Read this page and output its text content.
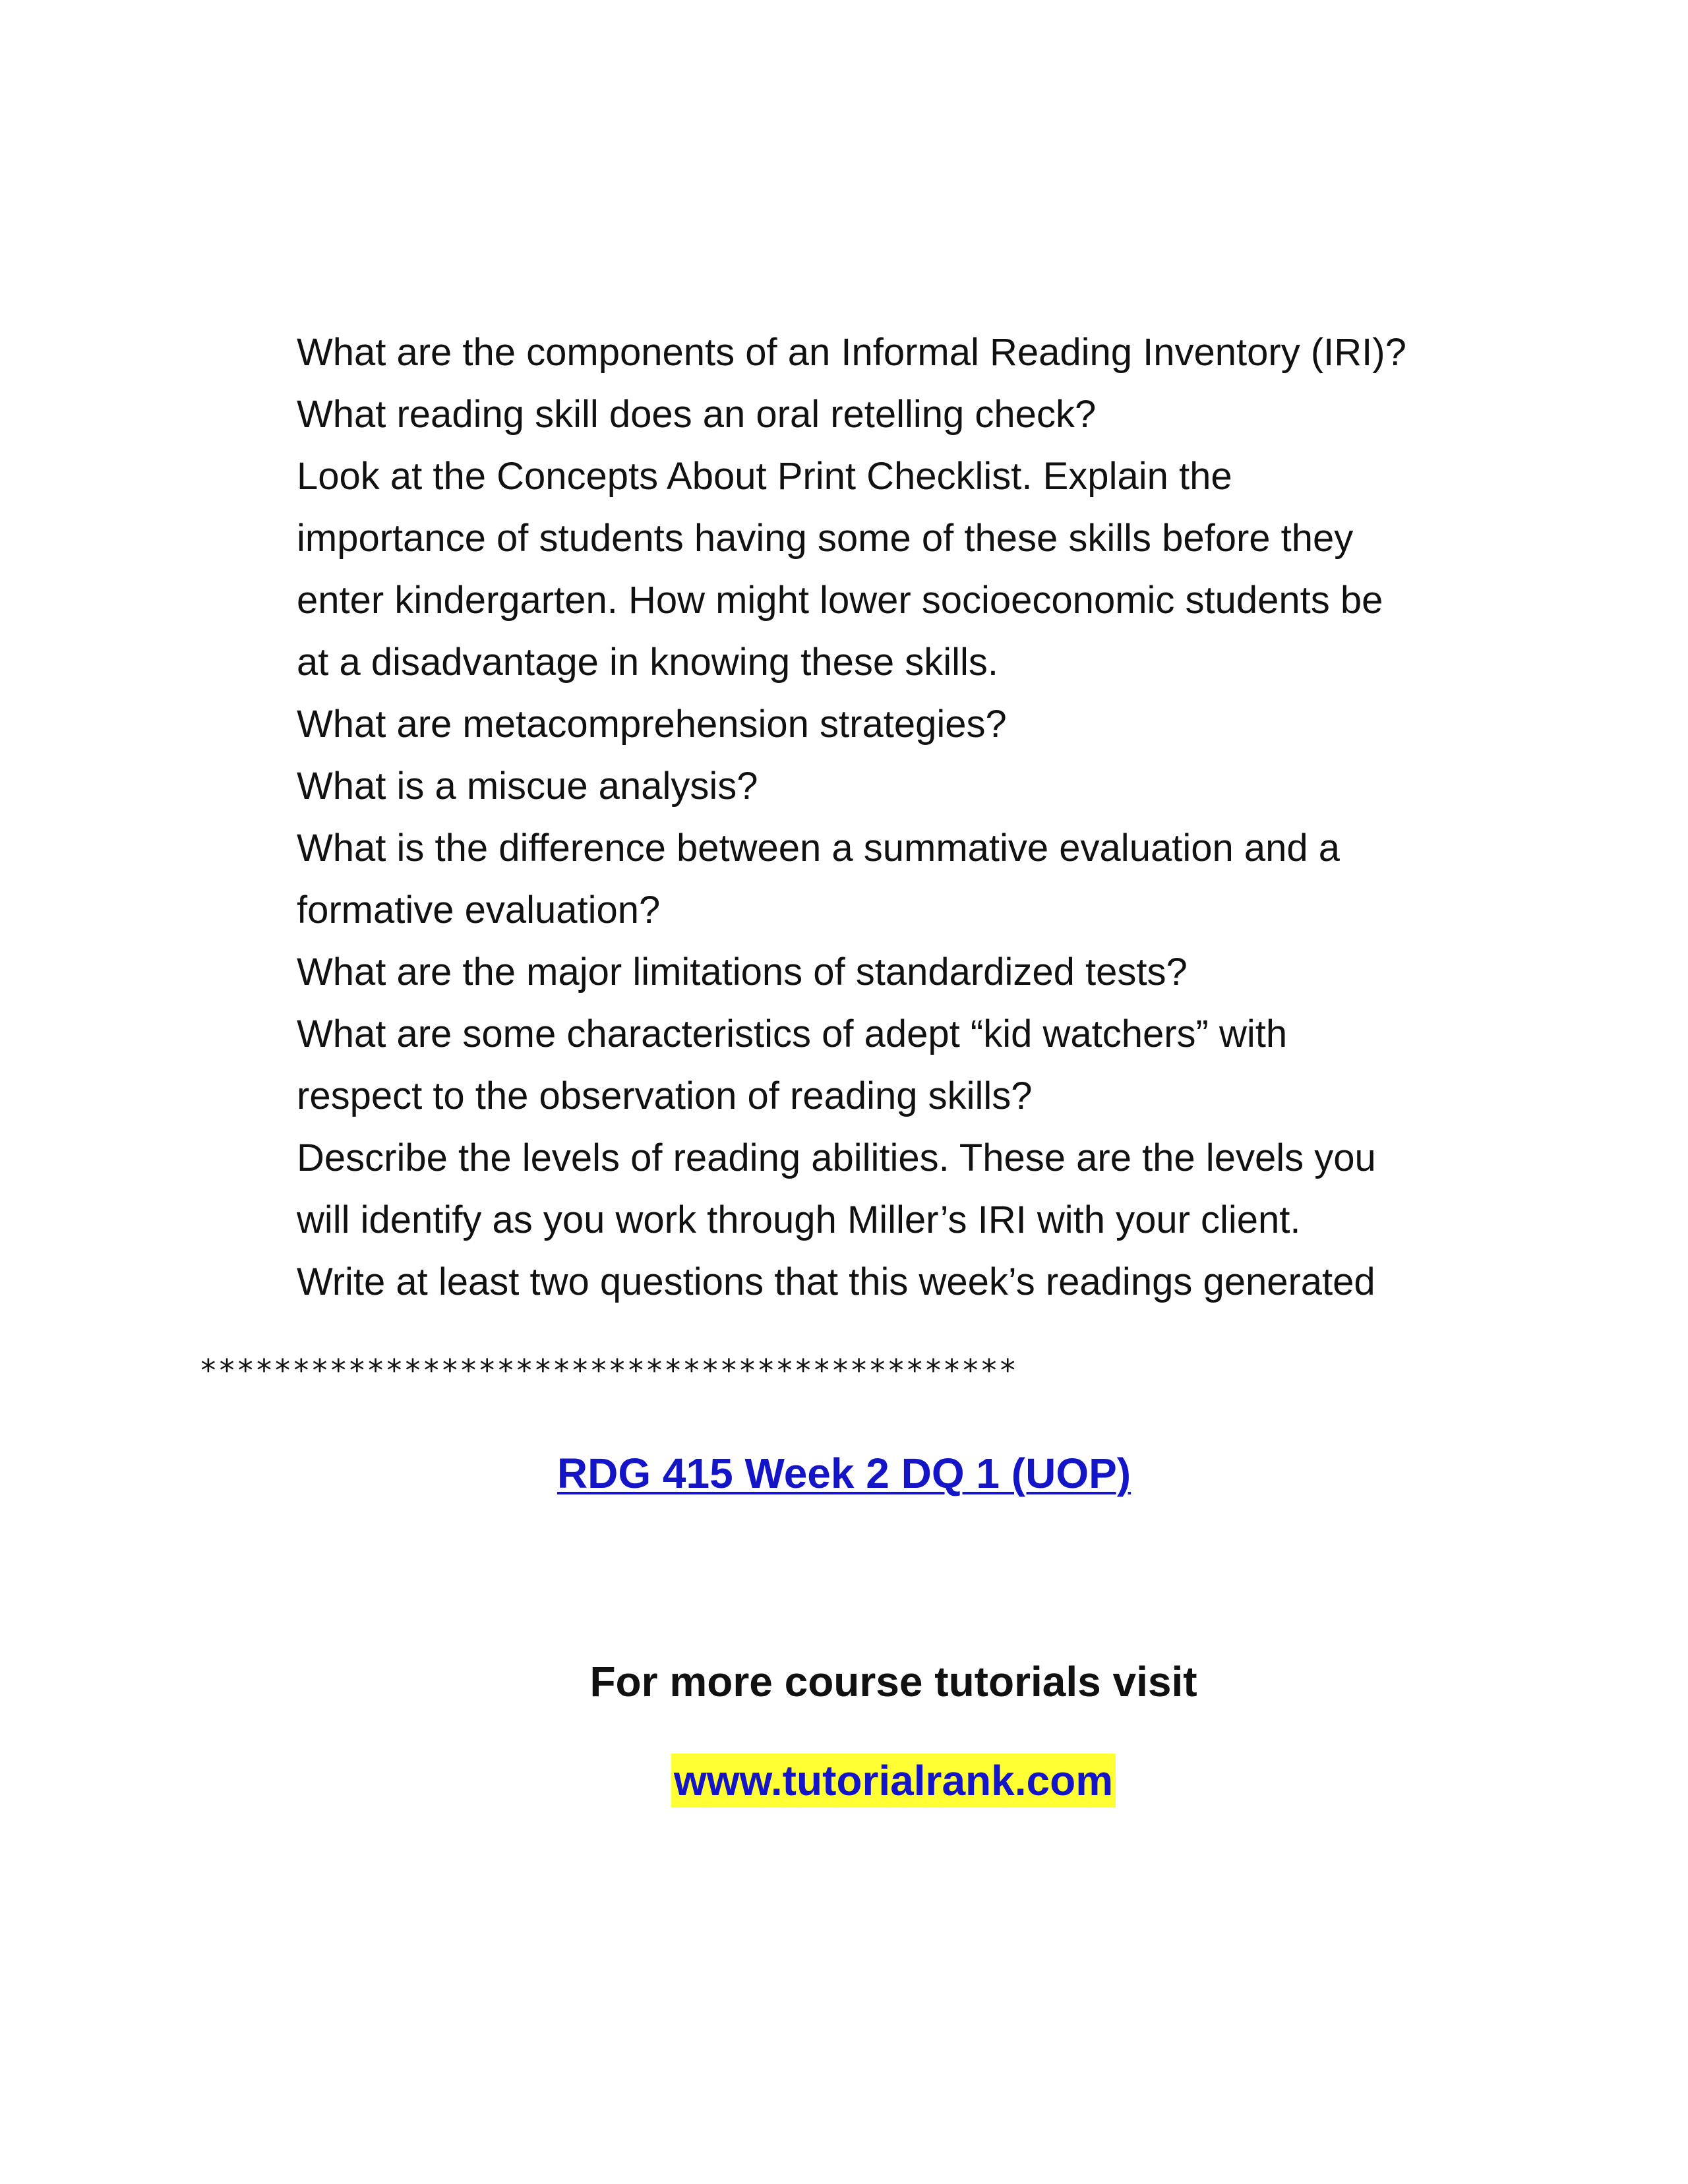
What are the components of an Informal Reading Inventory (IRI)?
What reading skill does an oral retelling check?
Look at the Concepts About Print Checklist. Explain the
importance of students having some of these skills before they
enter kindergarten. How might lower socioeconomic students be
at a disadvantage in knowing these skills.
What are metacomprehension strategies?
What is a miscue analysis?
What is the difference between a summative evaluation and a
formative evaluation?
What are the major limitations of standardized tests?
What are some characteristics of adept “kid watchers” with
respect to the observation of reading skills?
Describe the levels of reading abilities. These are the levels you
will identify as you work through Miller’s IRI with your client.
Write at least two questions that this week’s readings generated
********************************************
RDG 415 Week 2 DQ 1 (UOP)
For more course tutorials visit
www.tutorialrank.com
